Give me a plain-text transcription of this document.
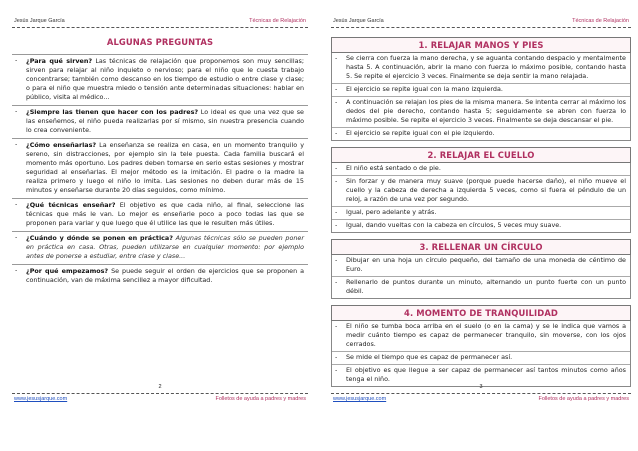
Jesús Jarque García	Técnicas de Relajación
ALGUNAS PREGUNTAS
- ¿Para qué sirven? Las técnicas de relajación que proponemos son muy sencillas; sirven para relajar al niño inquieto o nervioso; para el niño que le cuesta trabajo concentrarse; también como descanso en los tiempo de estudio o entre clase y clase; o para el niño que muestra miedo o tensión ante determinadas situaciones: hablar en público, visita al médico...
- ¿Siempre las tienen que hacer con los padres? Lo ideal es que una vez que se las enseñemos, el niño pueda realizarlas por sí mismo, sin nuestra presencia cuando lo crea conveniente.
- ¿Cómo enseñarlas? La enseñanza se realiza en casa, en un momento tranquilo y sereno, sin distracciones, por ejemplo sin la tele puesta. Cada familia buscará el momento más oportuno. Los padres deben tomarse en serio estas sesiones y mostrar seguridad al enseñarlas. El mejor método es la imitación. El padre o la madre la realiza primero y luego el niño lo imita. Las sesiones no deben durar más de 15 minutos y enseñarse durante 20 días seguidos, como mínimo.
- ¿Qué técnicas enseñar? El objetivo es que cada niño, al final, seleccione las técnicas que más le van. Lo mejor es enseñarle poco a poco todas las que se proponen para variar y que luego que él utilice las que le resulten más útiles.
- ¿Cuándo y dónde se ponen en práctica? Algunas técnicas sólo se pueden poner en práctica en casa. Otras, pueden utilizarse en cualquier momento: por ejemplo antes de ponerse a estudiar, entre clase y clase...
- ¿Por qué empezamos? Se puede seguir el orden de ejercicios que se proponen a continuación, van de máxima sencillez a mayor dificultad.
2
www.jesusjarque.com	Folletos de ayuda a padres y madres
Jesús Jarque García	Técnicas de Relajación
1. RELAJAR MANOS Y PIES
- Se cierra con fuerza la mano derecha, y se aguanta contando despacio y mentalmente hasta 5. A continuación, abrir la mano con fuerza lo máximo posible, contando hasta 5. Se repite el ejercicio 3 veces. Finalmente se deja sentir la mano relajada.
- El ejercicio se repite igual con la mano izquierda.
- A continuación se relajan los pies de la misma manera. Se intenta cerrar al máximo los dedos del pie derecho, contando hasta 5; seguidamente se abren con fuerza lo máximo posible. Se repite el ejercicio 3 veces. Finalmente se deja descansar el pie.
- El ejercicio se repite igual con el pie izquierdo.
2. RELAJAR EL CUELLO
- El niño está sentado o de pie.
- Sin forzar y de manera muy suave (porque puede hacerse daño), el niño mueve el cuello y la cabeza de derecha a izquierda 5 veces, como si fuera el péndulo de un reloj, a razón de una vez por segundo.
- Igual, pero adelante y atrás.
- Igual, dando vueltas con la cabeza en círculos, 5 veces muy suave.
3. RELLENAR UN CÍRCULO
- Dibujar en una hoja un círculo pequeño, del tamaño de una moneda de céntimo de Euro.
- Rellenarlo de puntos durante un minuto, alternando un punto fuerte con un punto débil.
4. MOMENTO DE TRANQUILIDAD
- El niño se tumba boca arriba en el suelo (o en la cama) y se le indica que vamos a medir cuánto tiempo es capaz de permanecer tranquilo, sin moverse, con los ojos cerrados.
- Se mide el tiempo que es capaz de permanecer así.
- El objetivo es que llegue a ser capaz de permanecer así tantos minutos como años tenga el niño.
3
www.jesusjarque.com	Folletos de ayuda a padres y madres
